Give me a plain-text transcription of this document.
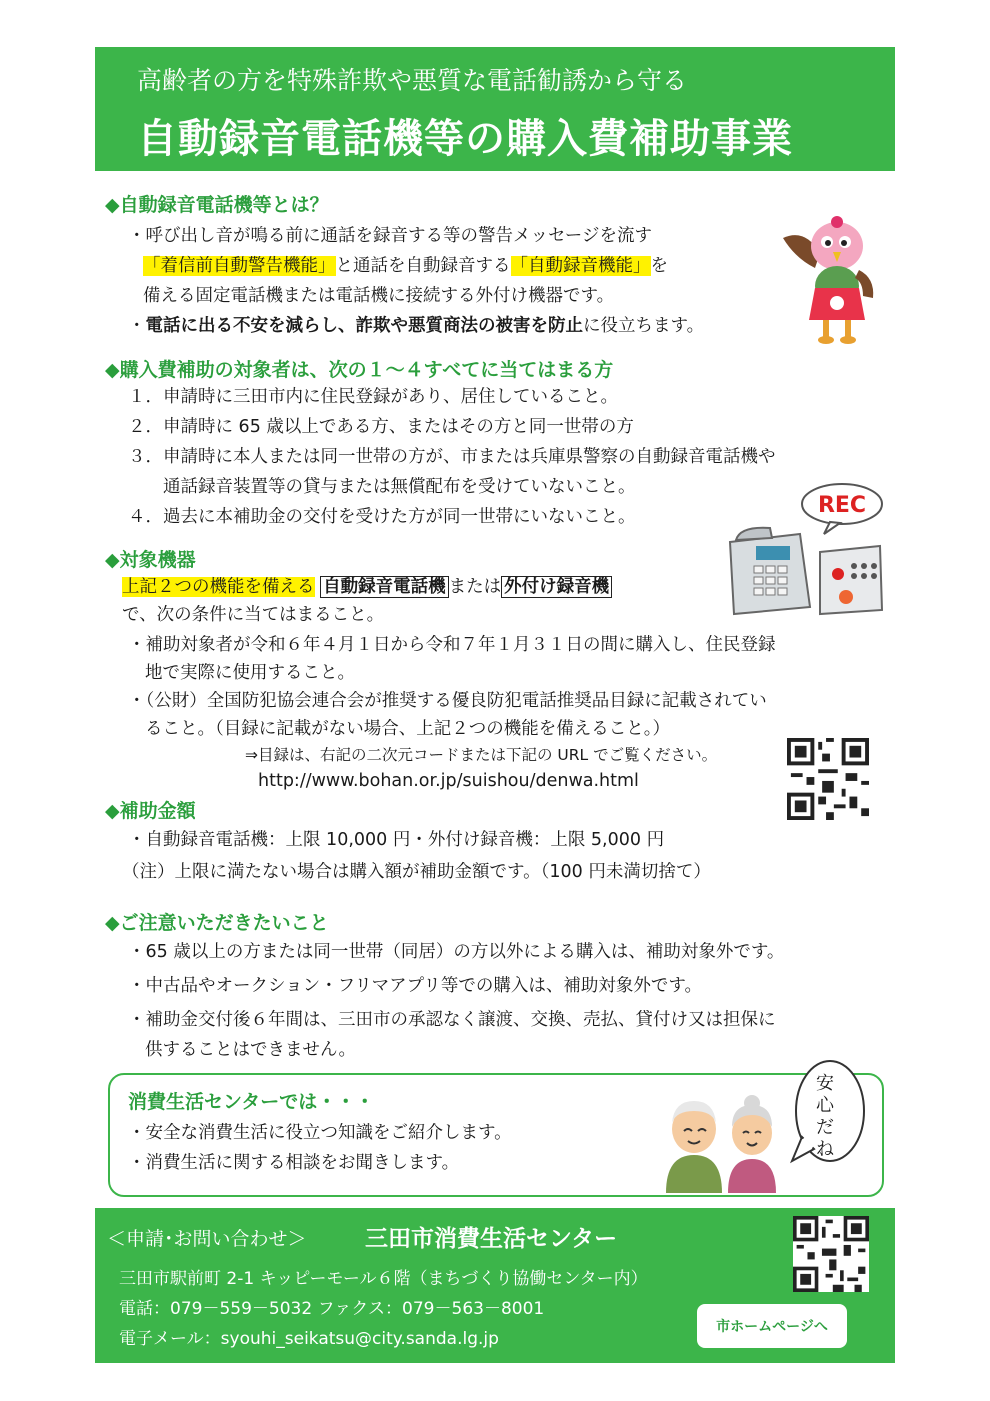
高齢者の方を特殊詐欺や悪質な電話勧誘から守る
自動録音電話機等の購入費補助事業
◆自動録音電話機等とは？
・呼び出し音が鳴る前に通話を録音する等の警告メッセージを流す
「着信前自動警告機能」と通話を自動録音する「自動録音機能」を
備える固定電話機または電話機に接続する外付け機器です。
・電話に出る不安を減らし、詐欺や悪質商法の被害を防止に役立ちます。
◆購入費補助の対象者は、次の１～４すべてに当てはまる方
１．申請時に三田市内に住民登録があり、居住していること。
２．申請時に 65 歳以上である方、またはその方と同一世帯の方
３．申請時に本人または同一世帯の方が、市または兵庫県警察の自動録音電話機や
通話録音装置等の貸与または無償配布を受けていないこと。
４．過去に本補助金の交付を受けた方が同一世帯にいないこと。	REC
◆対象機器
上記２つの機能を備える 自動録音電話機 または 外付け録音機
で、次の条件に当てはまること。
・補助対象者が令和６年４月１日から令和７年１月３１日の間に購入し、住民登録
地で実際に使用すること。
・（公財）全国防犯協会連合会が推奨する優良防犯電話推奨品目録に記載されてい
ること。（目録に記載がない場合、上記２つの機能を備えること。）
⇒目録は、右記の二次元コードまたは下記の URL でご覧ください。
http://www.bohan.or.jp/suishou/denwa.html
◆補助金額
・自動録音電話機：上限 10,000 円・外付け録音機：上限 5,000 円
（注）上限に満たない場合は購入額が補助金額です。（100 円未満切捨て）
◆ご注意いただきたいこと
・65 歳以上の方または同一世帯（同居）の方以外による購入は、補助対象外です。
・中古品やオークション・フリマアプリ等での購入は、補助対象外です。
・補助金交付後６年間は、三田市の承認なく譲渡、交換、売払、貸付け又は担保に
供することはできません。
消費生活センターでは・・・
・安全な消費生活に役立つ知識をご紹介します。
・消費生活に関する相談をお聞きします。
安心だね
＜申請･お問い合わせ＞	三田市消費生活センター
三田市駅前町 2-1 キッピーモール６階（まちづくり協働センター内）
電話：079－559－5032 ファクス：079－563－8001
電子メール：syouhi_seikatsu@city.sanda.lg.jp
市ホームページへ
